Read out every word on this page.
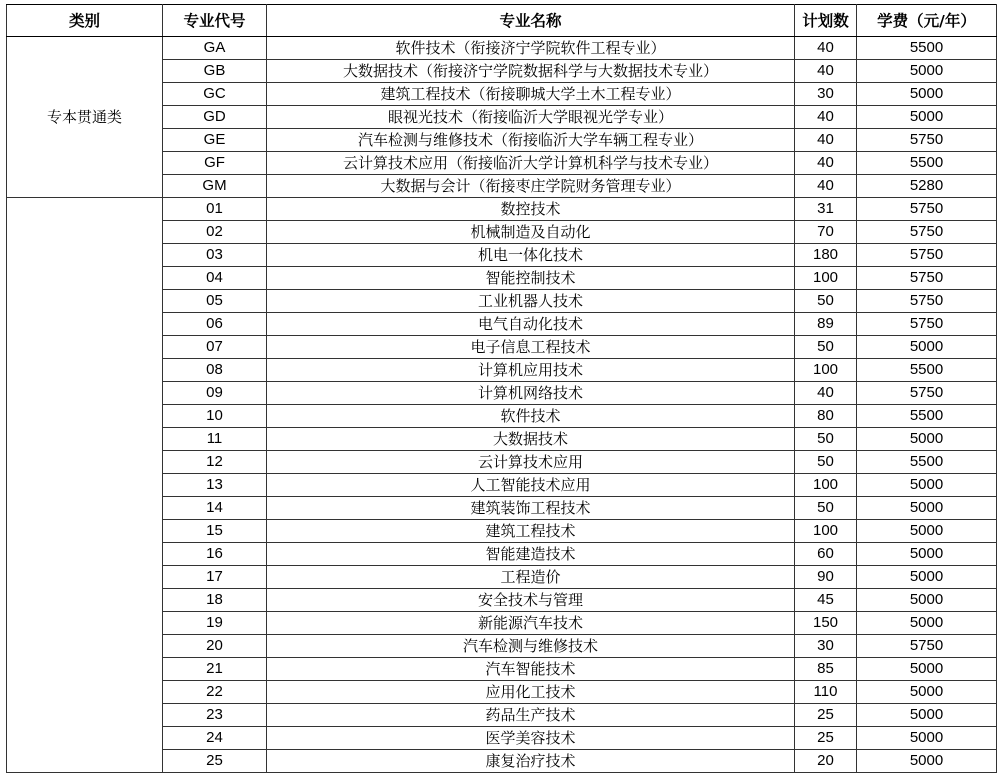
类别	专业代号	专业名称	计划数	学费（元/年）
专本贯通类	GA	软件技术（衔接济宁学院软件工程专业）	40	5500
	GB	大数据技术（衔接济宁学院数据科学与大数据技术专业）	40	5000
	GC	建筑工程技术（衔接聊城大学土木工程专业）	30	5000
	GD	眼视光技术（衔接临沂大学眼视光学专业）	40	5000
	GE	汽车检测与维修技术（衔接临沂大学车辆工程专业）	40	5750
	GF	云计算技术应用（衔接临沂大学计算机科学与技术专业）	40	5500
	GM	大数据与会计（衔接枣庄学院财务管理专业）	40	5280
	01	数控技术	31	5750
	02	机械制造及自动化	70	5750
	03	机电一体化技术	180	5750
	04	智能控制技术	100	5750
	05	工业机器人技术	50	5750
	06	电气自动化技术	89	5750
	07	电子信息工程技术	50	5000
	08	计算机应用技术	100	5500
	09	计算机网络技术	40	5750
	10	软件技术	80	5500
	11	大数据技术	50	5000
	12	云计算技术应用	50	5500
	13	人工智能技术应用	100	5000
	14	建筑装饰工程技术	50	5000
	15	建筑工程技术	100	5000
	16	智能建造技术	60	5000
	17	工程造价	90	5000
	18	安全技术与管理	45	5000
	19	新能源汽车技术	150	5000
	20	汽车检测与维修技术	30	5750
	21	汽车智能技术	85	5000
	22	应用化工技术	110	5000
	23	药品生产技术	25	5000
	24	医学美容技术	25	5000
	25	康复治疗技术	20	5000
